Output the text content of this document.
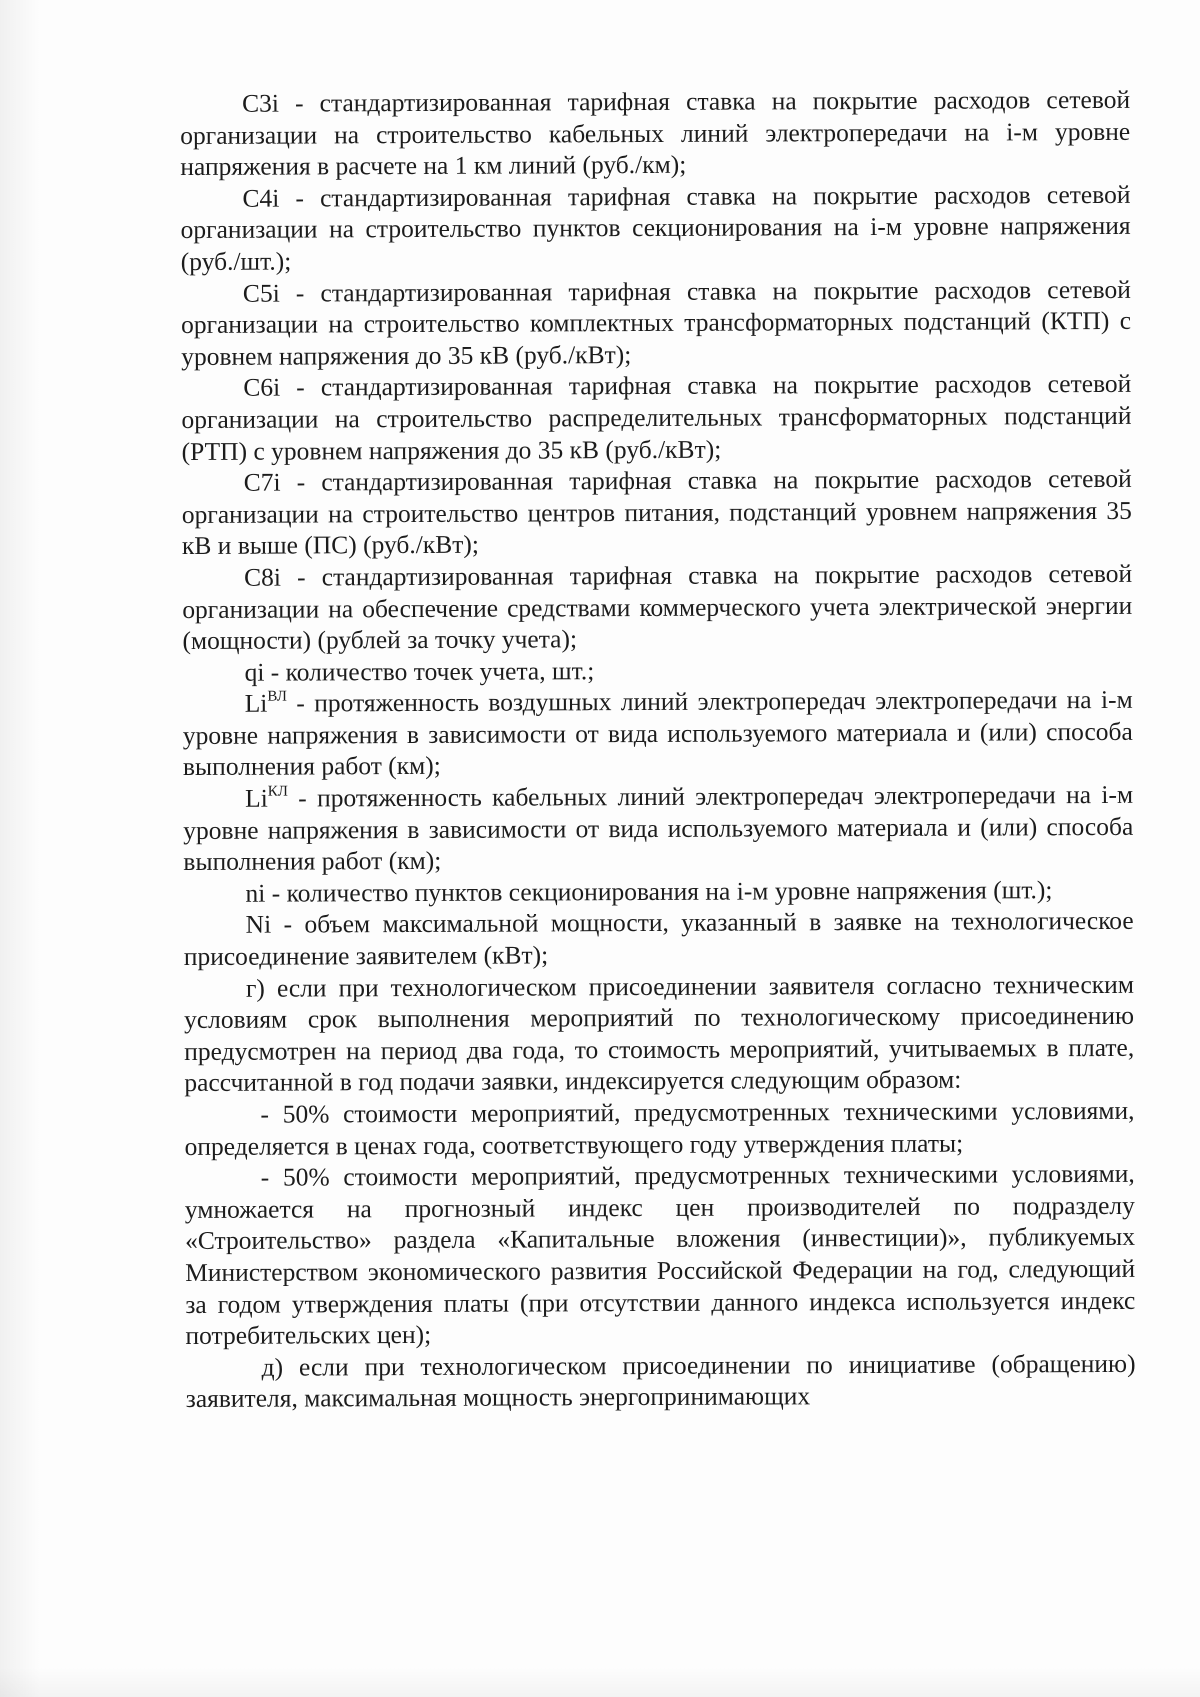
С3i - стандартизированная тарифная ставка на покрытие расходов сетевой организации на строительство кабельных линий электропередачи на i-м уровне напряжения в расчете на 1 км линий (руб./км);

С4i - стандартизированная тарифная ставка на покрытие расходов сетевой организации на строительство пунктов секционирования на i-м уровне напряжения (руб./шт.);

С5i - стандартизированная тарифная ставка на покрытие расходов сетевой организации на строительство комплектных трансформаторных подстанций (КТП) с уровнем напряжения до 35 кВ (руб./кВт);

С6i - стандартизированная тарифная ставка на покрытие расходов сетевой организации на строительство распределительных трансформаторных подстанций (РТП) с уровнем напряжения до 35 кВ (руб./кВт);

С7i - стандартизированная тарифная ставка на покрытие расходов сетевой организации на строительство центров питания, подстанций уровнем напряжения 35 кВ и выше (ПС) (руб./кВт);

С8i - стандартизированная тарифная ставка на покрытие расходов сетевой организации на обеспечение средствами коммерческого учета электрической энергии (мощности) (рублей за точку учета);

qi - количество точек учета, шт.;

$Li^{ВЛ}$ - протяженность воздушных линий электропередач электропередачи на i-м уровне напряжения в зависимости от вида используемого материала и (или) способа выполнения работ (км);

$Li^{КЛ}$ - протяженность кабельных линий электропередач электропередачи на i-м уровне напряжения в зависимости от вида используемого материала и (или) способа выполнения работ (км);

ni - количество пунктов секционирования на i-м уровне напряжения (шт.);

Ni - объем максимальной мощности, указанный в заявке на технологическое присоединение заявителем (кВт);

г) если при технологическом присоединении заявителя согласно техническим условиям срок выполнения мероприятий по технологическому присоединению предусмотрен на период два года, то стоимость мероприятий, учитываемых в плате, рассчитанной в год подачи заявки, индексируется следующим образом:

- 50% стоимости мероприятий, предусмотренных техническими условиями, определяется в ценах года, соответствующего году утверждения платы;

- 50% стоимости мероприятий, предусмотренных техническими условиями, умножается на прогнозный индекс цен производителей по подразделу «Строительство» раздела «Капитальные вложения (инвестиции)», публикуемых Министерством экономического развития Российской Федерации на год, следующий за годом утверждения платы (при отсутствии данного индекса используется индекс потребительских цен);

д) если при технологическом присоединении по инициативе (обращению) заявителя, максимальная мощность энергопринимающих
